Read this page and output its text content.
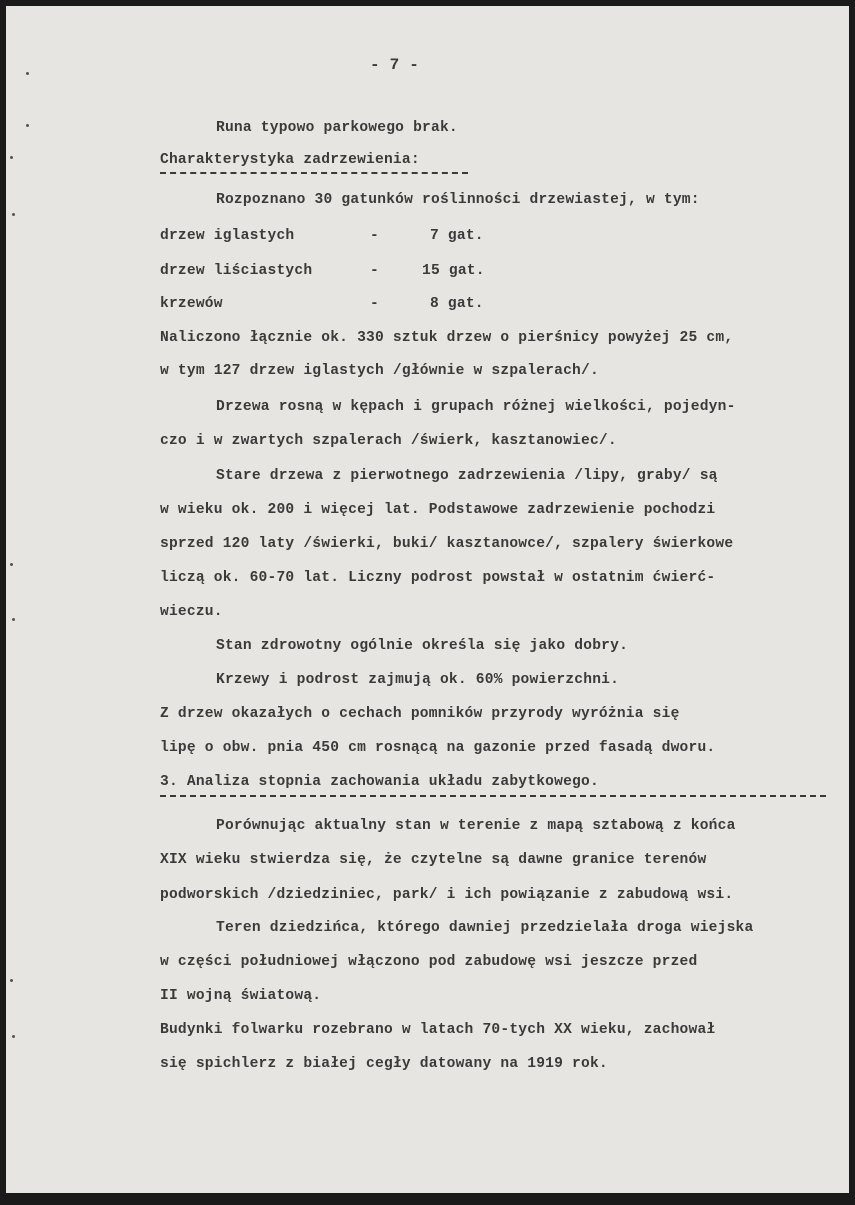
- 7 -
Runa typowo parkowego brak.
Charakterystyka zadrzewienia:
Rozpoznano 30 gatunków roślinności drzewiastej, w tym:
drzew iglastych	-	7 gat.
drzew liściastych	-	15 gat.
krzewów	-	8 gat.
Naliczono łącznie ok. 330 sztuk drzew o pierśnicy powyżej 25 cm,
w tym 127 drzew iglastych /głównie w szpalerach/.
Drzewa rosną w kępach i grupach różnej wielkości, pojedyn-
czo i w zwartych szpalerach /świerk, kasztanowiec/.
Stare drzewa z pierwotnego zadrzewienia /lipy, graby/ są
w wieku ok. 200 i więcej lat. Podstawowe zadrzewienie pochodzi
sprzed 120 laty /świerki, buki/ kasztanowce/, szpalery świerkowe
liczą ok. 60-70 lat. Liczny podrost powstał w ostatnim ćwierć-
wieczu.
Stan zdrowotny ogólnie określa się jako dobry.
Krzewy i podrost zajmują ok. 60% powierzchni.
Z drzew okazałych o cechach pomników przyrody wyróżnia się
lipę o obw. pnia 450 cm rosnącą na gazonie przed fasadą dworu.
3. Analiza stopnia zachowania układu zabytkowego.
Porównując aktualny stan w terenie z mapą sztabową z końca
XIX wieku stwierdza się, że czytelne są dawne granice terenów
podworskich /dziedziniec, park/ i ich powiązanie z zabudową wsi.
Teren dziedzińca, którego dawniej przedzielała droga wiejska
w części południowej włączono pod zabudowę wsi jeszcze przed
II wojną światową.
Budynki folwarku rozebrano w latach 70-tych XX wieku, zachował
się spichlerz z białej cegły datowany na 1919 rok.
